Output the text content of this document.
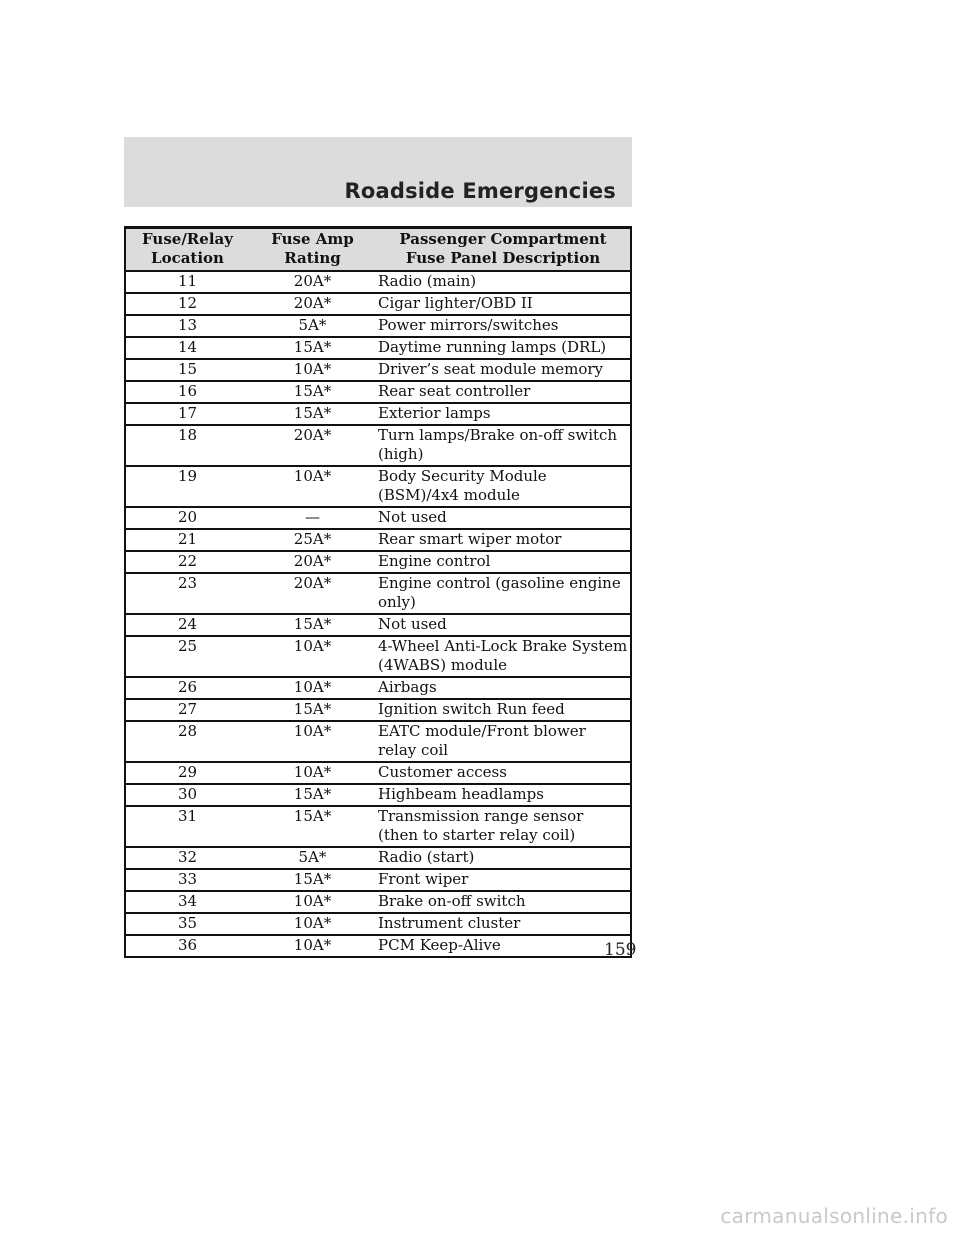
Roadside Emergencies
Fuse/Relay Location	Fuse Amp Rating	Passenger Compartment Fuse Panel Description
11	20A*	Radio (main)
12	20A*	Cigar lighter/OBD II
13	5A*	Power mirrors/switches
14	15A*	Daytime running lamps (DRL)
15	10A*	Driver’s seat module memory
16	15A*	Rear seat controller
17	15A*	Exterior lamps
18	20A*	Turn lamps/Brake on-off switch (high)
19	10A*	Body Security Module (BSM)/4x4 module
20	—	Not used
21	25A*	Rear smart wiper motor
22	20A*	Engine control
23	20A*	Engine control (gasoline engine only)
24	15A*	Not used
25	10A*	4-Wheel Anti-Lock Brake System (4WABS) module
26	10A*	Airbags
27	15A*	Ignition switch Run feed
28	10A*	EATC module/Front blower relay coil
29	10A*	Customer access
30	15A*	Highbeam headlamps
31	15A*	Transmission range sensor (then to starter relay coil)
32	5A*	Radio (start)
33	15A*	Front wiper
34	10A*	Brake on-off switch
35	10A*	Instrument cluster
36	10A*	PCM Keep-Alive	159
carmanualsonline.info
